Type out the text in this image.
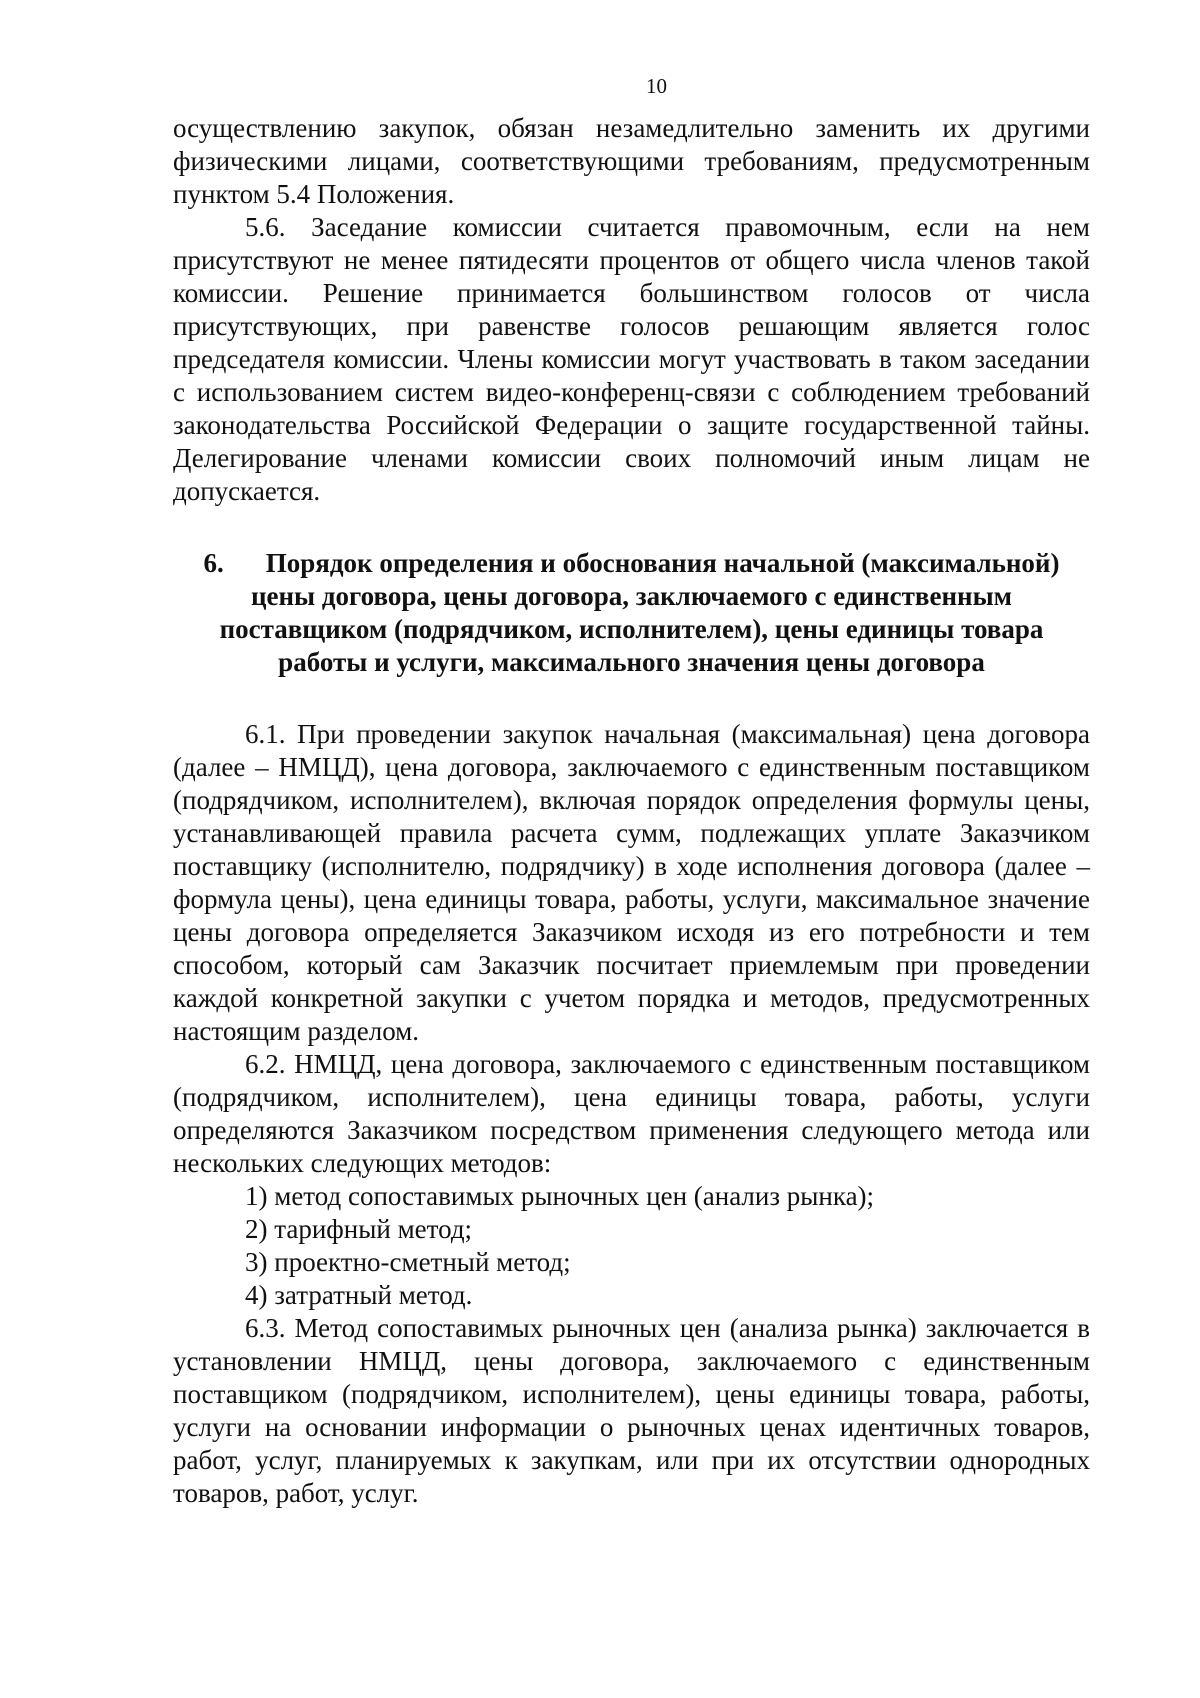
10

осуществлению закупок, обязан незамедлительно заменить их другими физическими лицами, соответствующими требованиям, предусмотренным пунктом 5.4 Положения.

5.6. Заседание комиссии считается правомочным, если на нем присутствуют не менее пятидесяти процентов от общего числа членов такой комиссии. Решение принимается большинством голосов от числа присутствующих, при равенстве голосов решающим является голос председателя комиссии. Члены комиссии могут участвовать в таком заседании с использованием систем видео-конференц-связи с соблюдением требований законодательства Российской Федерации о защите государственной тайны. Делегирование членами комиссии своих полномочий иным лицам не допускается.

6. Порядок определения и обоснования начальной (максимальной) цены договора, цены договора, заключаемого с единственным поставщиком (подрядчиком, исполнителем), цены единицы товара работы и услуги, максимального значения цены договора

6.1. При проведении закупок начальная (максимальная) цена договора (далее – НМЦД), цена договора, заключаемого с единственным поставщиком (подрядчиком, исполнителем), включая порядок определения формулы цены, устанавливающей правила расчета сумм, подлежащих уплате Заказчиком поставщику (исполнителю, подрядчику) в ходе исполнения договора (далее – формула цены), цена единицы товара, работы, услуги, максимальное значение цены договора определяется Заказчиком исходя из его потребности и тем способом, который сам Заказчик посчитает приемлемым при проведении каждой конкретной закупки с учетом порядка и методов, предусмотренных настоящим разделом.

6.2. НМЦД, цена договора, заключаемого с единственным поставщиком (подрядчиком, исполнителем), цена единицы товара, работы, услуги определяются Заказчиком посредством применения следующего метода или нескольких следующих методов:

1) метод сопоставимых рыночных цен (анализ рынка);

2) тарифный метод;

3) проектно-сметный метод;

4) затратный метод.

6.3. Метод сопоставимых рыночных цен (анализа рынка) заключается в установлении НМЦД, цены договора, заключаемого с единственным поставщиком (подрядчиком, исполнителем), цены единицы товара, работы, услуги на основании информации о рыночных ценах идентичных товаров, работ, услуг, планируемых к закупкам, или при их отсутствии однородных товаров, работ, услуг.
